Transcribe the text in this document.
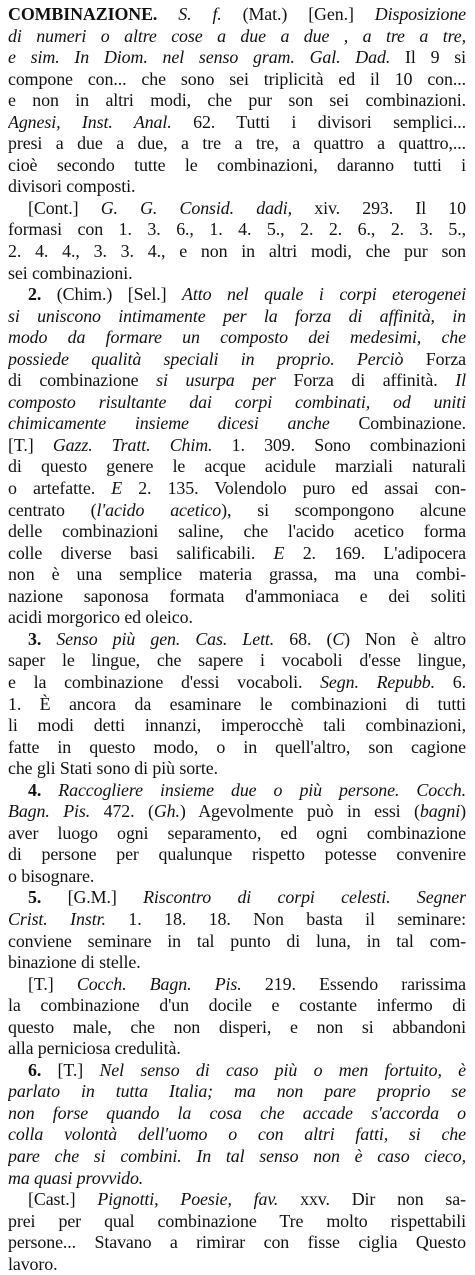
COMBINAZIONE. S. f. (Mat.) [Gen.] Disposizione
di numeri o altre cose a due a due , a tre a tre,
e sim. In Diom. nel senso gram. Gal. Dad. Il 9 si
compone con... che sono sei triplicità ed il 10 con...
e non in altri modi, che pur son sei combinazioni.
Agnesi, Inst. Anal. 62. Tutti i divisori semplici...
presi a due a due, a tre a tre, a quattro a quattro,...
cioè secondo tutte le combinazioni, daranno tutti i
divisori composti.
[Cont.] G. G. Consid. dadi, xiv. 293. Il 10
formasi con 1. 3. 6., 1. 4. 5., 2. 2. 6., 2. 3. 5.,
2. 4. 4., 3. 3. 4., e non in altri modi, che pur son
sei combinazioni.
2. (Chim.) [Sel.] Atto nel quale i corpi eterogenei
si uniscono intimamente per la forza di affinità, in
modo da formare un composto dei medesimi, che
possiede qualità speciali in proprio. Perciò Forza
di combinazione si usurpa per Forza di affinità. Il
composto risultante dai corpi combinati, od uniti
chimicamente insieme dicesi anche Combinazione.
[T.] Gazz. Tratt. Chim. 1. 309. Sono combinazioni
di questo genere le acque acidule marziali naturali
o artefatte. E 2. 135. Volendolo puro ed assai con-
centrato (l'acido acetico), si scompongono alcune
delle combinazioni saline, che l'acido acetico forma
colle diverse basi salificabili. E 2. 169. L'adipocera
non è una semplice materia grassa, ma una combi-
nazione saponosa formata d'ammoniaca e dei soliti
acidi morgorico ed oleico.
3. Senso più gen. Cas. Lett. 68. (C) Non è altro
saper le lingue, che sapere i vocaboli d'esse lingue,
e la combinazione d'essi vocaboli. Segn. Repubb. 6.
1. È ancora da esaminare le combinazioni di tutti
li modi detti innanzi, imperocchè tali combinazioni,
fatte in questo modo, o in quell'altro, son cagione
che gli Stati sono di più sorte.
4. Raccogliere insieme due o più persone. Cocch.
Bagn. Pis. 472. (Gh.) Agevolmente può in essi (bagni)
aver luogo ogni separamento, ed ogni combinazione
di persone per qualunque rispetto potesse convenire
o bisognare.
5. [G.M.] Riscontro di corpi celesti. Segner
Crist. Instr. 1. 18. 18. Non basta il seminare:
conviene seminare in tal punto di luna, in tal com-
binazione di stelle.
[T.] Cocch. Bagn. Pis. 219. Essendo rarissima
la combinazione d'un docile e costante infermo di
questo male, che non disperi, e non si abbandoni
alla perniciosa credulità.
6. [T.] Nel senso di caso più o men fortuito, è
parlato in tutta Italia; ma non pare proprio se
non forse quando la cosa che accade s'accorda o
colla volontà dell'uomo o con altri fatti, si che
pare che si combini. In tal senso non è caso cieco,
ma quasi provvido.
[Cast.] Pignotti, Poesie, fav. xxv. Dir non sa-
prei per qual combinazione Tre molto rispettabili
persone... Stavano a rimirar con fisse ciglia Questo
lavoro.
